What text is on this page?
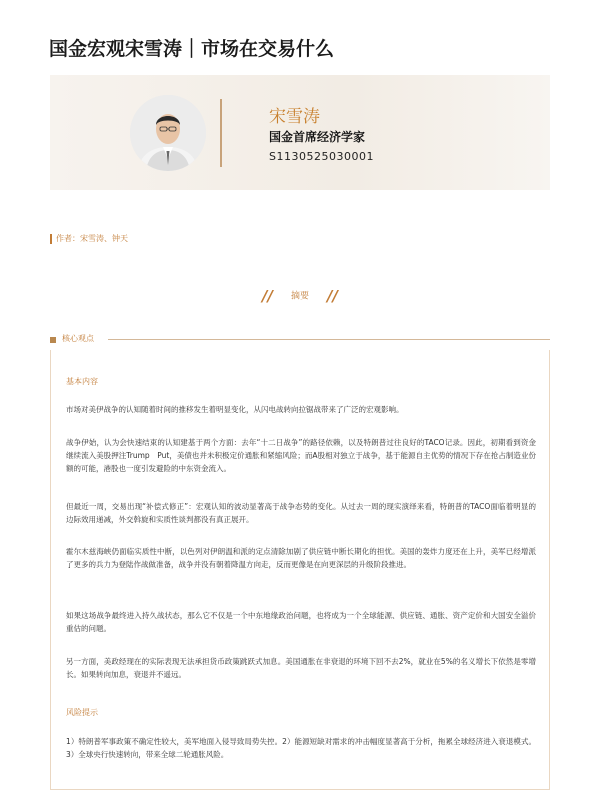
国金宏观宋雪涛｜市场在交易什么
宋雪涛
国金首席经济学家
S1130525030001
作者：宋雪涛、钟天
// 摘要 //
核心观点
基本内容

市场对美伊战争的认知随着时间的推移发生着明显变化，从闪电战转向拉锯战带来了广泛的宏观影响。

战争伊始，认为会快速结束的认知建基于两个方面：去年“十二日战争”的路径依赖，以及特朗普过往良好的TACO记录。因此，初期看到资金继续流入美股押注Trump　Put，美债也并未积极定价通胀和紧缩风险；而A股相对独立于战争，基于能源自主优势的情况下存在抢占制造业份额的可能，港股也一度引发避险的中东资金流入。

但最近一周，交易出现“补偿式修正”：宏观认知的波动显著高于战争态势的变化。从过去一周的现实演绎来看，特朗普的TACO面临着明显的边际效用递减，外交斡旋和实质性谈判都没有真正展开。

霍尔木兹海峡仍面临实质性中断，以色列对伊朗温和派的定点清除加剧了供应链中断长期化的担忧。美国的轰炸力度还在上升，美军已经增派了更多的兵力为登陆作战做准备，战争并没有朝着降温方向走，反而更像是在向更深层的升级阶段推进。

如果这场战争最终进入持久战状态，那么它不仅是一个中东地缘政治问题，也将成为一个全球能源、供应链、通胀、资产定价和大国安全溢价重估的问题。

另一方面，美政经现在的实际表现无法承担货币政策跳跃式加息。美国通胀在非衰退的环境下回不去2%，就业在5%的名义增长下依然是零增长。如果转向加息，衰退并不遥远。

风险提示

1）特朗普军事政策不确定性较大，美军地面入侵导致局势失控。2）能源短缺对需求的冲击幅度显著高于分析，拖累全球经济进入衰退模式。3）全球央行快速转向，带来全球二轮通胀风险。
